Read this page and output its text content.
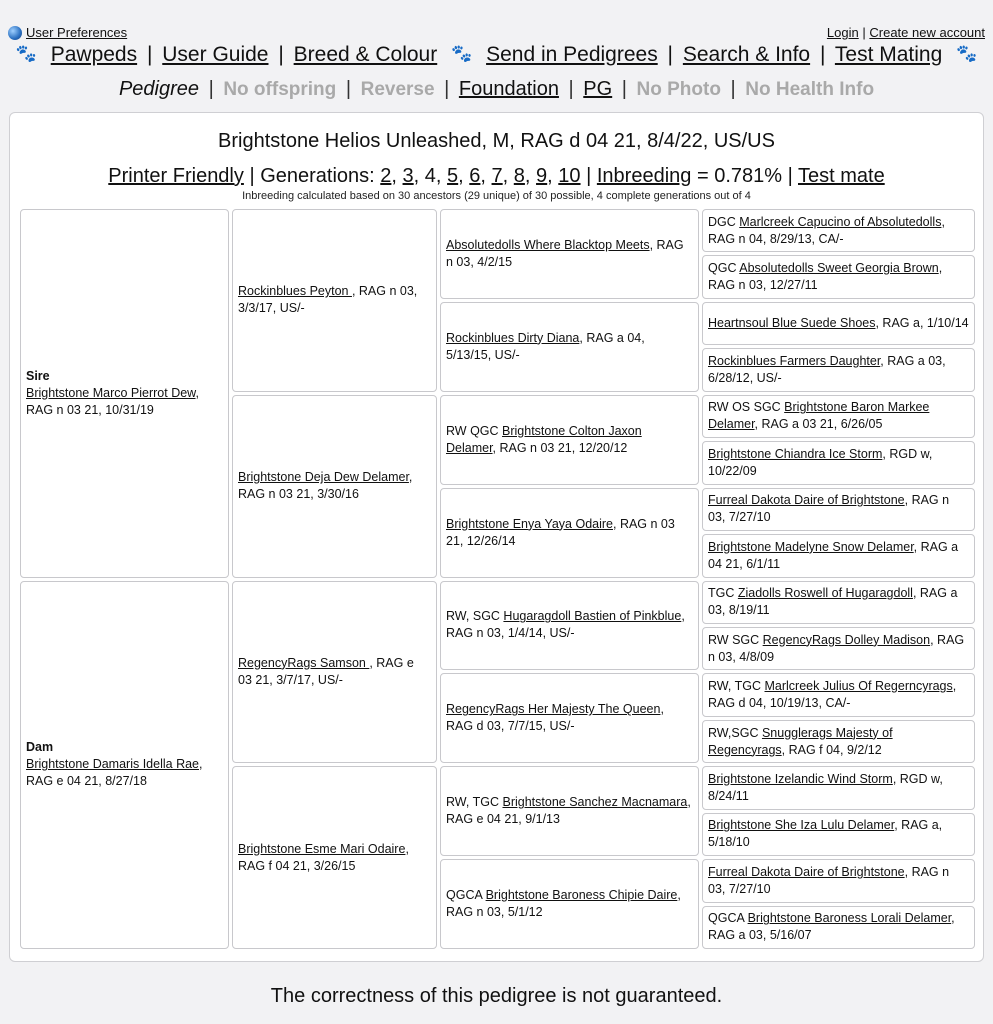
User Preferences	Login | Create new account
🐾 Pawpeds | User Guide | Breed & Colour 🐾 Send in Pedigrees | Search & Info | Test Mating 🐾
Pedigree | No offspring | Reverse | Foundation | PG | No Photo | No Health Info
Brightstone Helios Unleashed, M, RAG d 04 21, 8/4/22, US/US
Printer Friendly | Generations: 2, 3, 4, 5, 6, 7, 8, 9, 10 | Inbreeding = 0.781% | Test mate
Inbreeding calculated based on 30 ancestors (29 unique) of 30 possible, 4 complete generations out of 4
Sire
Brightstone Marco Pierrot Dew, RAG n 03 21, 10/31/19
Dam
Brightstone Damaris Idella Rae, RAG e 04 21, 8/27/18
Rockinblues Peyton , RAG n 03, 3/3/17, US/-
Brightstone Deja Dew Delamer, RAG n 03 21, 3/30/16
RegencyRags Samson , RAG e 03 21, 3/7/17, US/-
Brightstone Esme Mari Odaire, RAG f 04 21, 3/26/15
Absolutedolls Where Blacktop Meets, RAG n 03, 4/2/15
Rockinblues Dirty Diana, RAG a 04, 5/13/15, US/-
RW QGC Brightstone Colton Jaxon Delamer, RAG n 03 21, 12/20/12
Brightstone Enya Yaya Odaire, RAG n 03 21, 12/26/14
RW, SGC Hugaragdoll Bastien of Pinkblue, RAG n 03, 1/4/14, US/-
RegencyRags Her Majesty The Queen, RAG d 03, 7/7/15, US/-
RW, TGC Brightstone Sanchez Macnamara, RAG e 04 21, 9/1/13
QGCA Brightstone Baroness Chipie Daire, RAG n 03, 5/1/12
DGC Marlcreek Capucino of Absolutedolls, RAG n 04, 8/29/13, CA/-
QGC Absolutedolls Sweet Georgia Brown, RAG n 03, 12/27/11
Heartnsoul Blue Suede Shoes, RAG a, 1/10/14
Rockinblues Farmers Daughter, RAG a 03, 6/28/12, US/-
RW OS SGC Brightstone Baron Markee Delamer, RAG a 03 21, 6/26/05
Brightstone Chiandra Ice Storm, RGD w, 10/22/09
Furreal Dakota Daire of Brightstone, RAG n 03, 7/27/10
Brightstone Madelyne Snow Delamer, RAG a 04 21, 6/1/11
TGC Ziadolls Roswell of Hugaragdoll, RAG a 03, 8/19/11
RW SGC RegencyRags Dolley Madison, RAG n 03, 4/8/09
RW, TGC Marlcreek Julius Of Regerncyrags, RAG d 04, 10/19/13, CA/-
RW,SGC Snugglerags Majesty of Regencyrags, RAG f 04, 9/2/12
Brightstone Izelandic Wind Storm, RGD w, 8/24/11
Brightstone She Iza Lulu Delamer, RAG a, 5/18/10
Furreal Dakota Daire of Brightstone, RAG n 03, 7/27/10
QGCA Brightstone Baroness Lorali Delamer, RAG a 03, 5/16/07
The correctness of this pedigree is not guaranteed.
